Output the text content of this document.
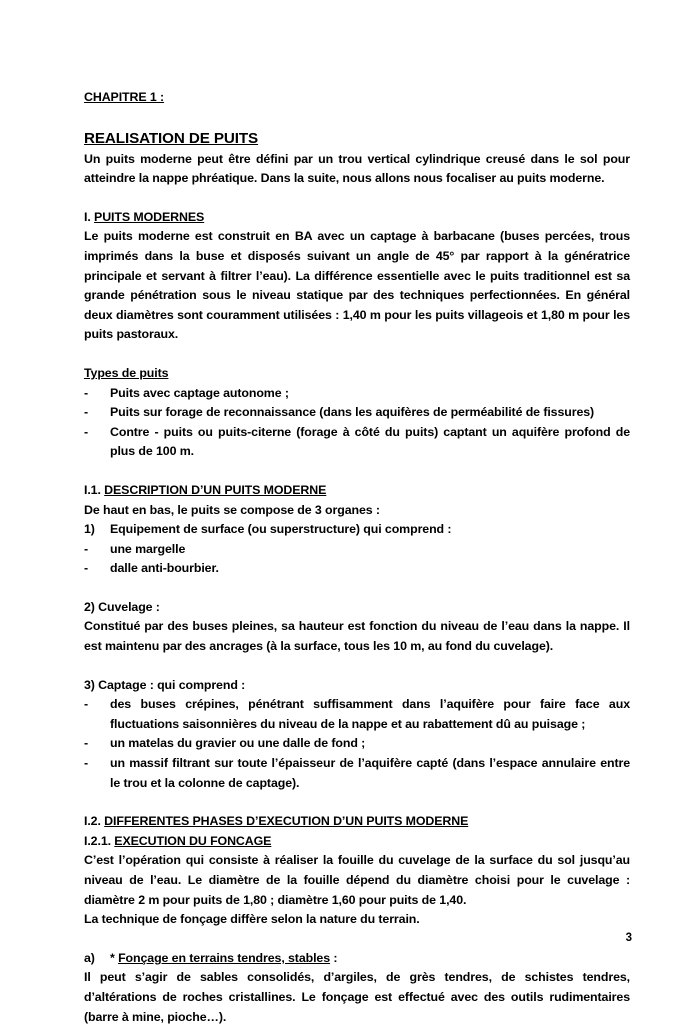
CHAPITRE 1 :

REALISATION DE PUITS

Un puits moderne peut être défini par un trou vertical cylindrique creusé dans le sol pour atteindre la nappe phréatique. Dans la suite, nous allons nous focaliser au puits moderne.

I. PUITS MODERNES

Le puits moderne est construit en BA avec un captage à barbacane (buses percées, trous imprimés dans la buse et disposés suivant un angle de 45° par rapport à la génératrice principale et servant à filtrer l’eau). La différence essentielle avec le puits traditionnel est sa grande pénétration sous le niveau statique par des techniques perfectionnées. En général deux diamètres sont couramment utilisées : 1,40 m pour les puits villageois et 1,80 m pour les puits pastoraux.

Types de puits

- Puits avec captage autonome ;
- Puits sur forage de reconnaissance (dans les aquifères de perméabilité de fissures)
- Contre - puits ou puits-citerne (forage à côté du puits) captant un aquifère profond de plus de 100 m.

I.1. DESCRIPTION D’UN PUITS MODERNE

De haut en bas, le puits se compose de 3 organes :

1) Equipement de surface (ou superstructure) qui comprend :
- une margelle
- dalle anti-bourbier.

2) Cuvelage :

Constitué par des buses pleines, sa hauteur est fonction du niveau de l’eau dans la nappe. Il est maintenu par des ancrages (à la surface, tous les 10 m, au fond du cuvelage).

3) Captage : qui comprend :

- des buses crépines, pénétrant suffisamment dans l’aquifère pour faire face aux fluctuations saisonnières du niveau de la nappe et au rabattement dû au puisage ;
- un matelas du gravier ou une dalle de fond ;
- un massif filtrant sur toute l’épaisseur de l’aquifère capté (dans l’espace annulaire entre le trou et la colonne de captage).

I.2. DIFFERENTES PHASES D’EXECUTION D’UN PUITS MODERNE

I.2.1. EXECUTION DU FONCAGE

C’est l’opération qui consiste à réaliser la fouille du cuvelage de la surface du sol jusqu’au niveau de l’eau. Le diamètre de la fouille dépend du diamètre choisi pour le cuvelage : diamètre 2 m pour puits de 1,80 ; diamètre 1,60 pour puits de 1,40.

La technique de fonçage diffère selon la nature du terrain.

a) * Fonçage en terrains tendres, stables :

Il peut s’agir de sables consolidés, d’argiles, de grès tendres, de schistes tendres, d’altérations de roches cristallines. Le fonçage est effectué avec des outils rudimentaires (barre à mine, pioche…).

3
